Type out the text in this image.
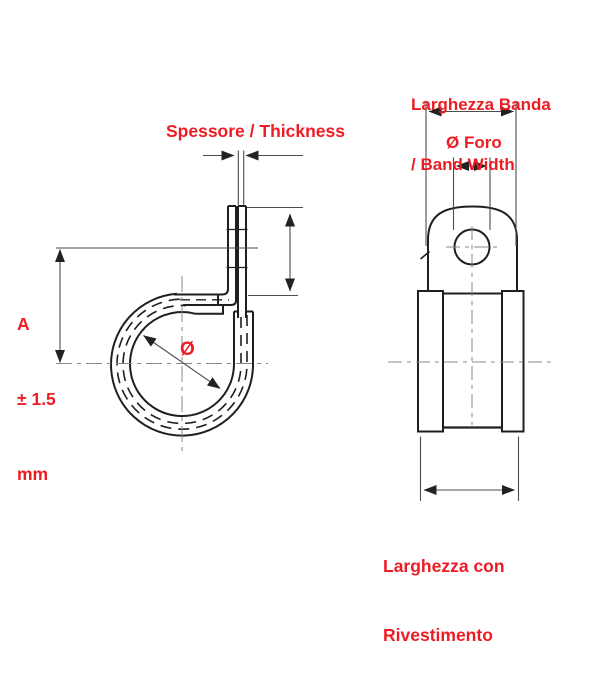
Spessore / Thickness

A

± 1.5

mm

Ø

Larghezza Banda

/ Band Width

Ø Foro

Larghezza con

Rivestimento
